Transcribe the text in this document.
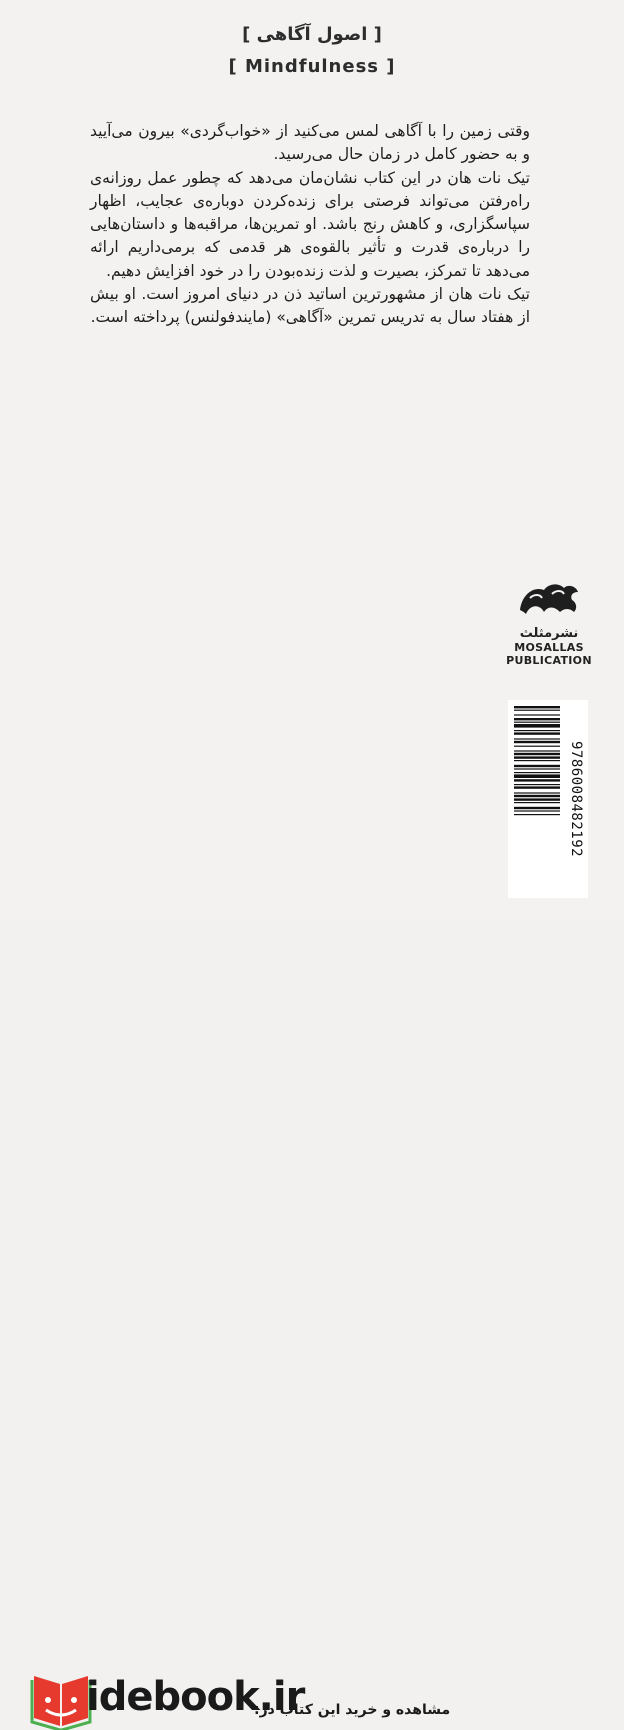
[ اصول آگاهی ]
[ Mindfulness ]

وقتی زمین را با آگاهی لمس می‌کنید از «خواب‌گردی» بیرون می‌آیید و به حضور کامل در زمان حال می‌رسید.

تیک نات هان در این کتاب نشان‌مان می‌دهد که چطور عمل روزانه‌ی راه‌رفتن می‌تواند فرصتی برای زنده‌کردن دوباره‌ی عجایب، اظهار سپاسگزاری، و کاهش رنج باشد. او تمرین‌ها، مراقبه‌ها و داستان‌هایی را درباره‌ی قدرت و تأثیر بالقوه‌ی هر قدمی که برمی‌داریم ارائه می‌دهد تا تمرکز، بصیرت و لذت زنده‌بودن را در خود افزایش دهیم.

تیک نات هان از مشهورترین اساتید ذن در دنیای امروز است. او بیش از هفتاد سال به تدریس تمرین «آگاهی» (مایندفولنس) پرداخته است.

نشرمثلث
MOSALLAS
PUBLICATION
9786008482192
idebook.ir
مشاهده و خرید این کتاب در:
